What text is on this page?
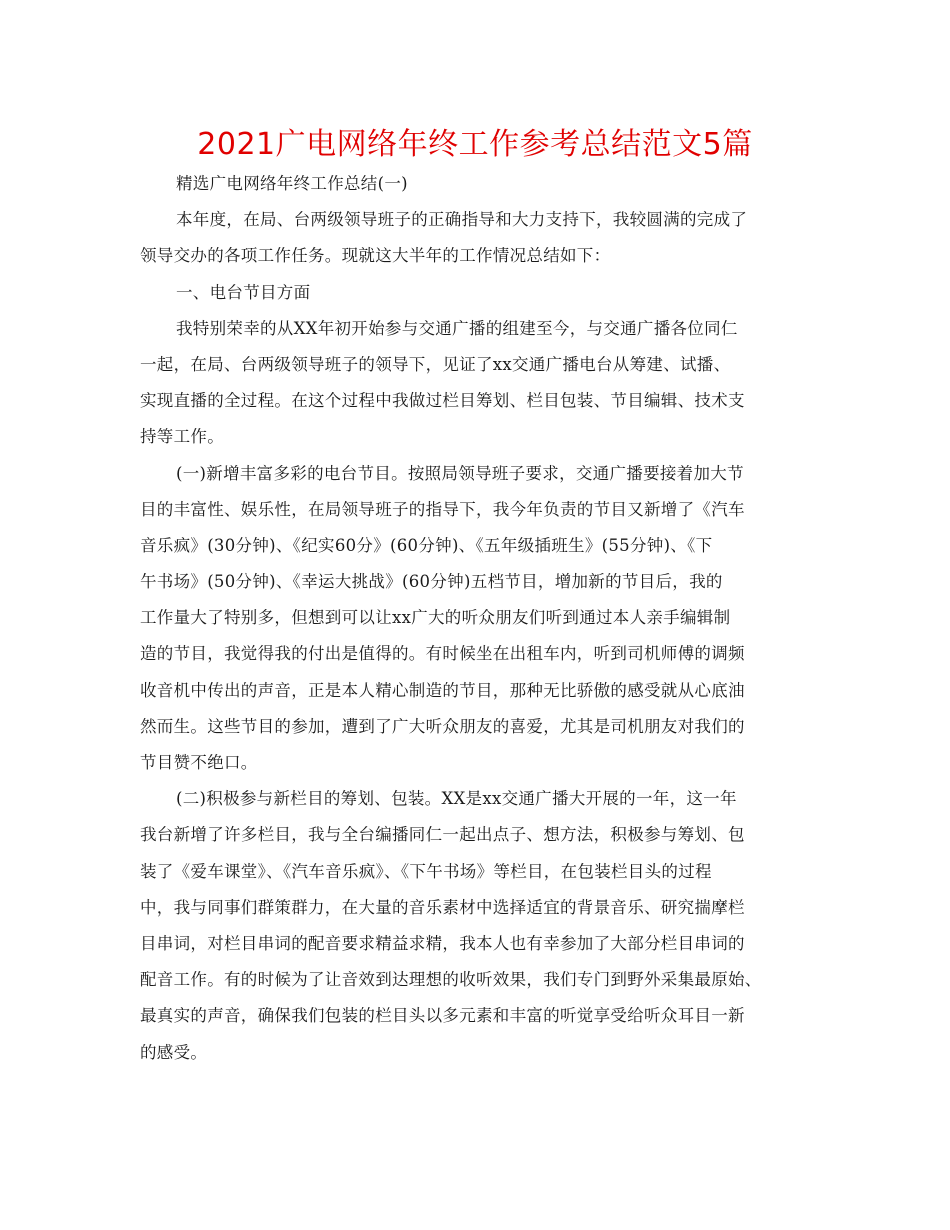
2021广电网络年终工作参考总结范文5篇
精选广电网络年终工作总结(一)
本年度，在局、台两级领导班子的正确指导和大力支持下，我较圆满的完成了
领导交办的各项工作任务。现就这大半年的工作情况总结如下：
一、电台节目方面
我特别荣幸的从XX年初开始参与交通广播的组建至今，与交通广播各位同仁
一起，在局、台两级领导班子的领导下，见证了xx交通广播电台从筹建、试播、
实现直播的全过程。在这个过程中我做过栏目筹划、栏目包装、节目编辑、技术支
持等工作。
(一)新增丰富多彩的电台节目。按照局领导班子要求，交通广播要接着加大节
目的丰富性、娱乐性，在局领导班子的指导下，我今年负责的节目又新增了《汽车
音乐疯》(30分钟)、《纪实60分》(60分钟)、《五年级插班生》(55分钟)、《下
午书场》(50分钟)、《幸运大挑战》(60分钟)五档节目，增加新的节目后，我的
工作量大了特别多，但想到可以让xx广大的听众朋友们听到通过本人亲手编辑制
造的节目，我觉得我的付出是值得的。有时候坐在出租车内，听到司机师傅的调频
收音机中传出的声音，正是本人精心制造的节目，那种无比骄傲的感受就从心底油
然而生。这些节目的参加，遭到了广大听众朋友的喜爱，尤其是司机朋友对我们的
节目赞不绝口。
(二)积极参与新栏目的筹划、包装。XX是xx交通广播大开展的一年，这一年
我台新增了许多栏目，我与全台编播同仁一起出点子、想方法，积极参与筹划、包
装了《爱车课堂》、《汽车音乐疯》、《下午书场》等栏目，在包装栏目头的过程
中，我与同事们群策群力，在大量的音乐素材中选择适宜的背景音乐、研究揣摩栏
目串词，对栏目串词的配音要求精益求精，我本人也有幸参加了大部分栏目串词的
配音工作。有的时候为了让音效到达理想的收听效果，我们专门到野外采集最原始、
最真实的声音，确保我们包装的栏目头以多元素和丰富的听觉享受给听众耳目一新
的感受。
